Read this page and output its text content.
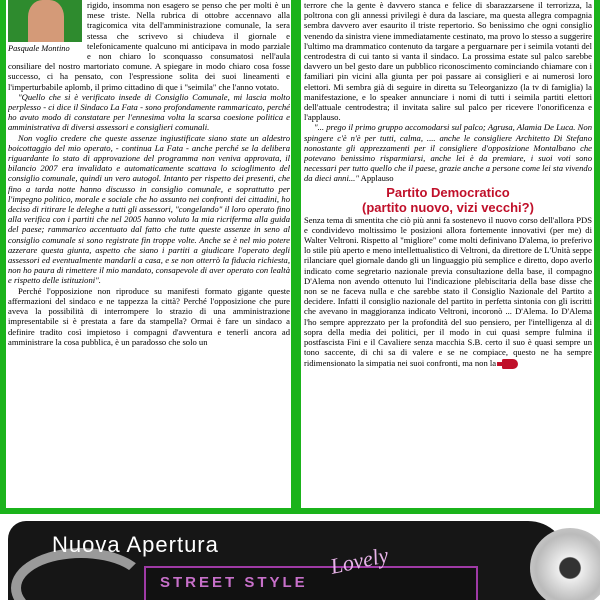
Pasquale Montino

rigido, insomma non esagero se penso che per molti è un mese triste. Nella rubrica di ottobre accennavo alla tragicomica vita dell'amministrazione comunale, la sera stessa che scrivevo si chiudeva il giornale e telefonicamente qualcuno mi anticipava in modo parziale e non chiaro lo sconquasso consumatosi nell'aula consiliare del nostro martoriato comune. A spiegare in modo chiaro cosa fosse successo, ci ha pensato, con l'espressione solita dei suoi lineamenti e l'imperturbabile aplomb, il primo cittadino di que i "seimila" che l'anno votato.

"Quello che si è verificato insede di Consiglio Comunale, mi lascia molto perplesso - ci dice il Sindaco La Fata - sono profondamente rammaricato, perché ho avuto modo di constatare per l'ennesima volta la scarsa coesione politica e amministrativa di diversi assessori e consiglieri comunali.

Non voglio credere che queste assenze ingiustificate siano state un aldestro boicottaggio del mio operato, - continua La Fata - anche perché se la delibera riguardante lo stato di approvazione del programma non veniva approvata, il bilancio 2007 era invalidato e automaticamente scattava lo scioglimento del consiglio comunale, quindi un vero autogol. Intanto per rispetto dei presenti, che fino a tarda notte hanno discusso in consiglio comunale, e soprattutto per l'impegno politico, morale e sociale che ho assunto nei confronti dei cittadini, ho deciso di ritirare le deleghe a tutti gli assessori, "congelando" il loro operato fino alla verifica con i partiti che nel 2005 hanno voluto la mia ricriferma alla guida del paese; rammarico accentuato dal fatto che tutte queste assenze in seno al consiglio comunale si sono registrate fin troppe volte. Anche se è nel mio potere azzerare questa giunta, aspetto che siano i partiti a giudicare l'operato degli assessori ed eventualmente mandarli a casa, e se non otterrò la fiducia richiesta, non ho paura di rimettere il mio mandato, consapevole di aver operato con lealtà e rispetto delle istituzioni".

Perché l'opposizione non riproduce su manifesti formato gigante queste affermazioni del sindaco e ne tappezza la città? Perché l'opposizione che pure aveva la possibilità di interrompere lo strazio di una amministrazione impresentabile si è prestata a fare da stampella? Ormai è fare un sindaco a definire tradito così impietoso i compagni d'avventura e tenerli ancora ad amministrare la cosa pubblica, è un paradosso che solo un

terrore che la gente è davvero stanca e felice di sbarazzarsene il terrorizza, la poltrona con gli annessi privilegi è dura da lasciare, ma questa allegra compagnia sembra davvero aver esaurito il triste repertorio. So benissimo che ogni consiglio venendo da sinistra viene immediatamente cestinato, ma provo lo stesso a suggerire l'ultimo ma drammatico contenuto da targare a perguarnare per i seimila votanti del centrodestra di cui tanto si vanta il sindaco. La prossima estate sul palco sarebbe davvero un bel gesto dare un pubblico riconoscimento cominciando chiamare con i familiari pin vicini alla giunta per poi passare ai consiglieri e ai numerosi loro elettori. Mi sembra già di seguire in diretta su Teleorganizzo (la tv di famiglia) la manifestazione, e lo speaker annunciare i nomi di tutti i seimila partiti elettori dell'attuale centrodestra; il invitata salire sul palco per ricevere l'onorificenza e l'applauso.

"... prego il primo gruppo accomodarsi sul palco; Agrusa, Alamia De Luca. Non spingere c'è n'è per tutti, calma, .... anche le consigliere Architetto Di Stefano nonostante gli apprezzamenti per il consigliere d'opposizione Montalbano che potevano benissimo risparmiarsi, anche lei è da premiare, i suoi voti sono necessari per tutto quello che il paese, grazie anche a persone come lei sta vivendo da dieci anni..." Applauso

Partito Democratico
(partito nuovo, vizi vecchi?)

Senza tema di smentita che ciò più anni fa sostenevo il nuovo corso dell'allora PDS e condividevo moltissimo le posizioni allora fortemente innovativi (per me) di Walter Veltroni. Rispetto al "migliore" come molti definivano D'alema, io preferivo lo stile più aperto e meno intellettualistico di Veltroni, da direttore de L'Unità seppe rilanciare quel giornale dando gli un linguaggio più semplice e diretto, dopo averlo indicato come segretario nazionale previa consultazione della base, il compagno D'Alema non avendo ottenuto lui l'indicazione plebiscitaria della base disse che non se ne faceva nulla e che sarebbe stato il Consiglio Nazionale del Partito a decidere. Infatti il consiglio nazionale del partito in perfetta sintonia con gli iscritti che avevano in maggioranza indicato Veltroni, incoronò ... D'Alema. Io D'Alema l'ho sempre apprezzato per la profondità del suo pensiero, per l'intelligenza al di sopra della media dei politici, per il modo in cui quasi sempre fulmina il postfascista Fini e il Cavaliere senza macchia S.B. certo il suo è quasi sempre un tono saccente, di chi sa di valere e se ne compiace, questo ne ha sempre ridimensionato la simpatia nei suoi confronti, ma non la

Nuova Apertura
STREET STYLE
Lovely
